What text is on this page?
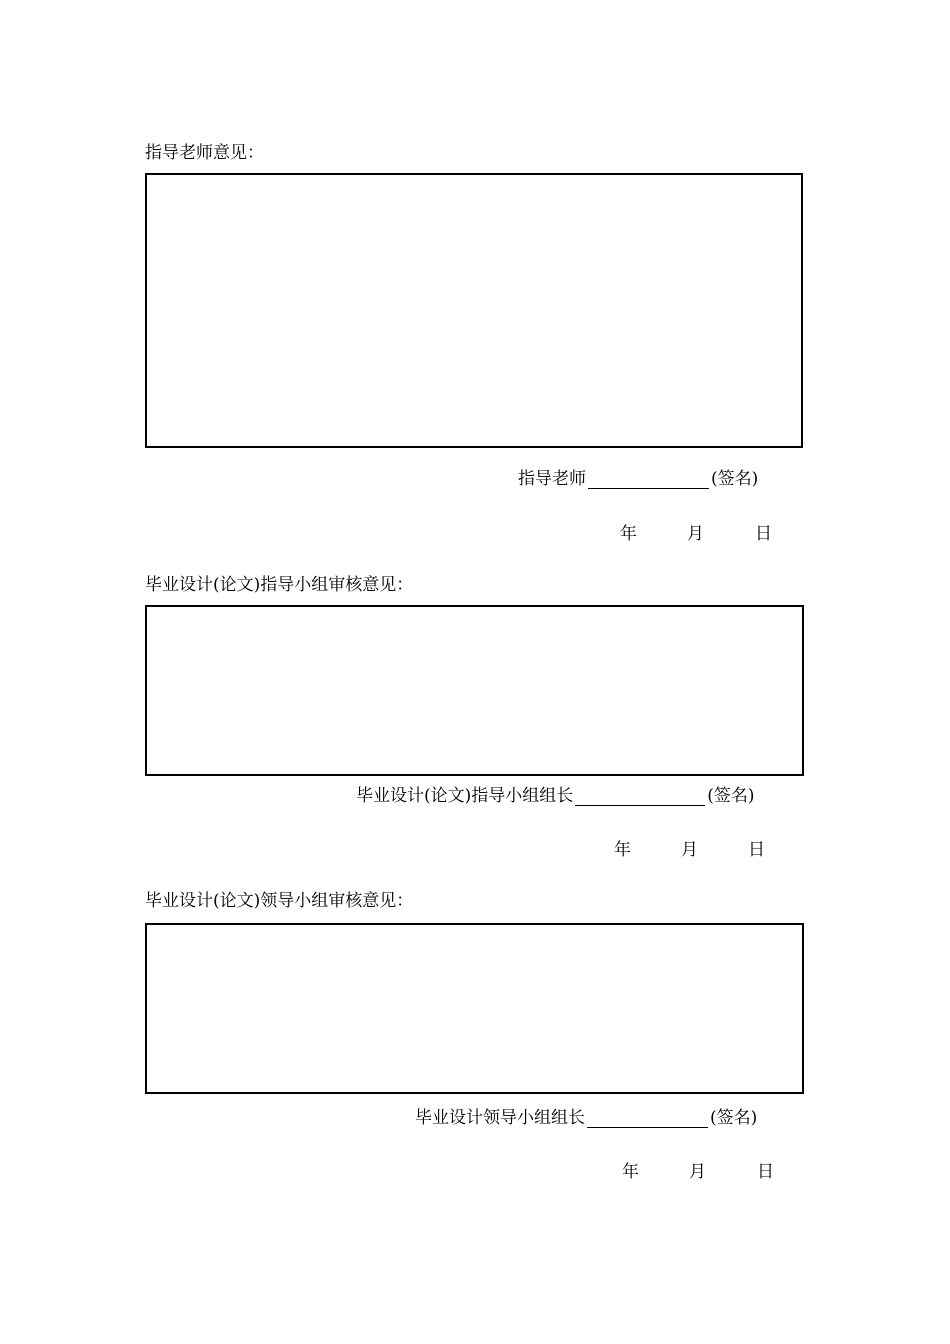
指导老师意见：
指导老师	(签名)
年	月	日
毕业设计(论文)指导小组审核意见：
毕业设计(论文)指导小组组长	(签名)
年	月	日
毕业设计(论文)领导小组审核意见：
毕业设计领导小组组长	(签名)
年	月	日
